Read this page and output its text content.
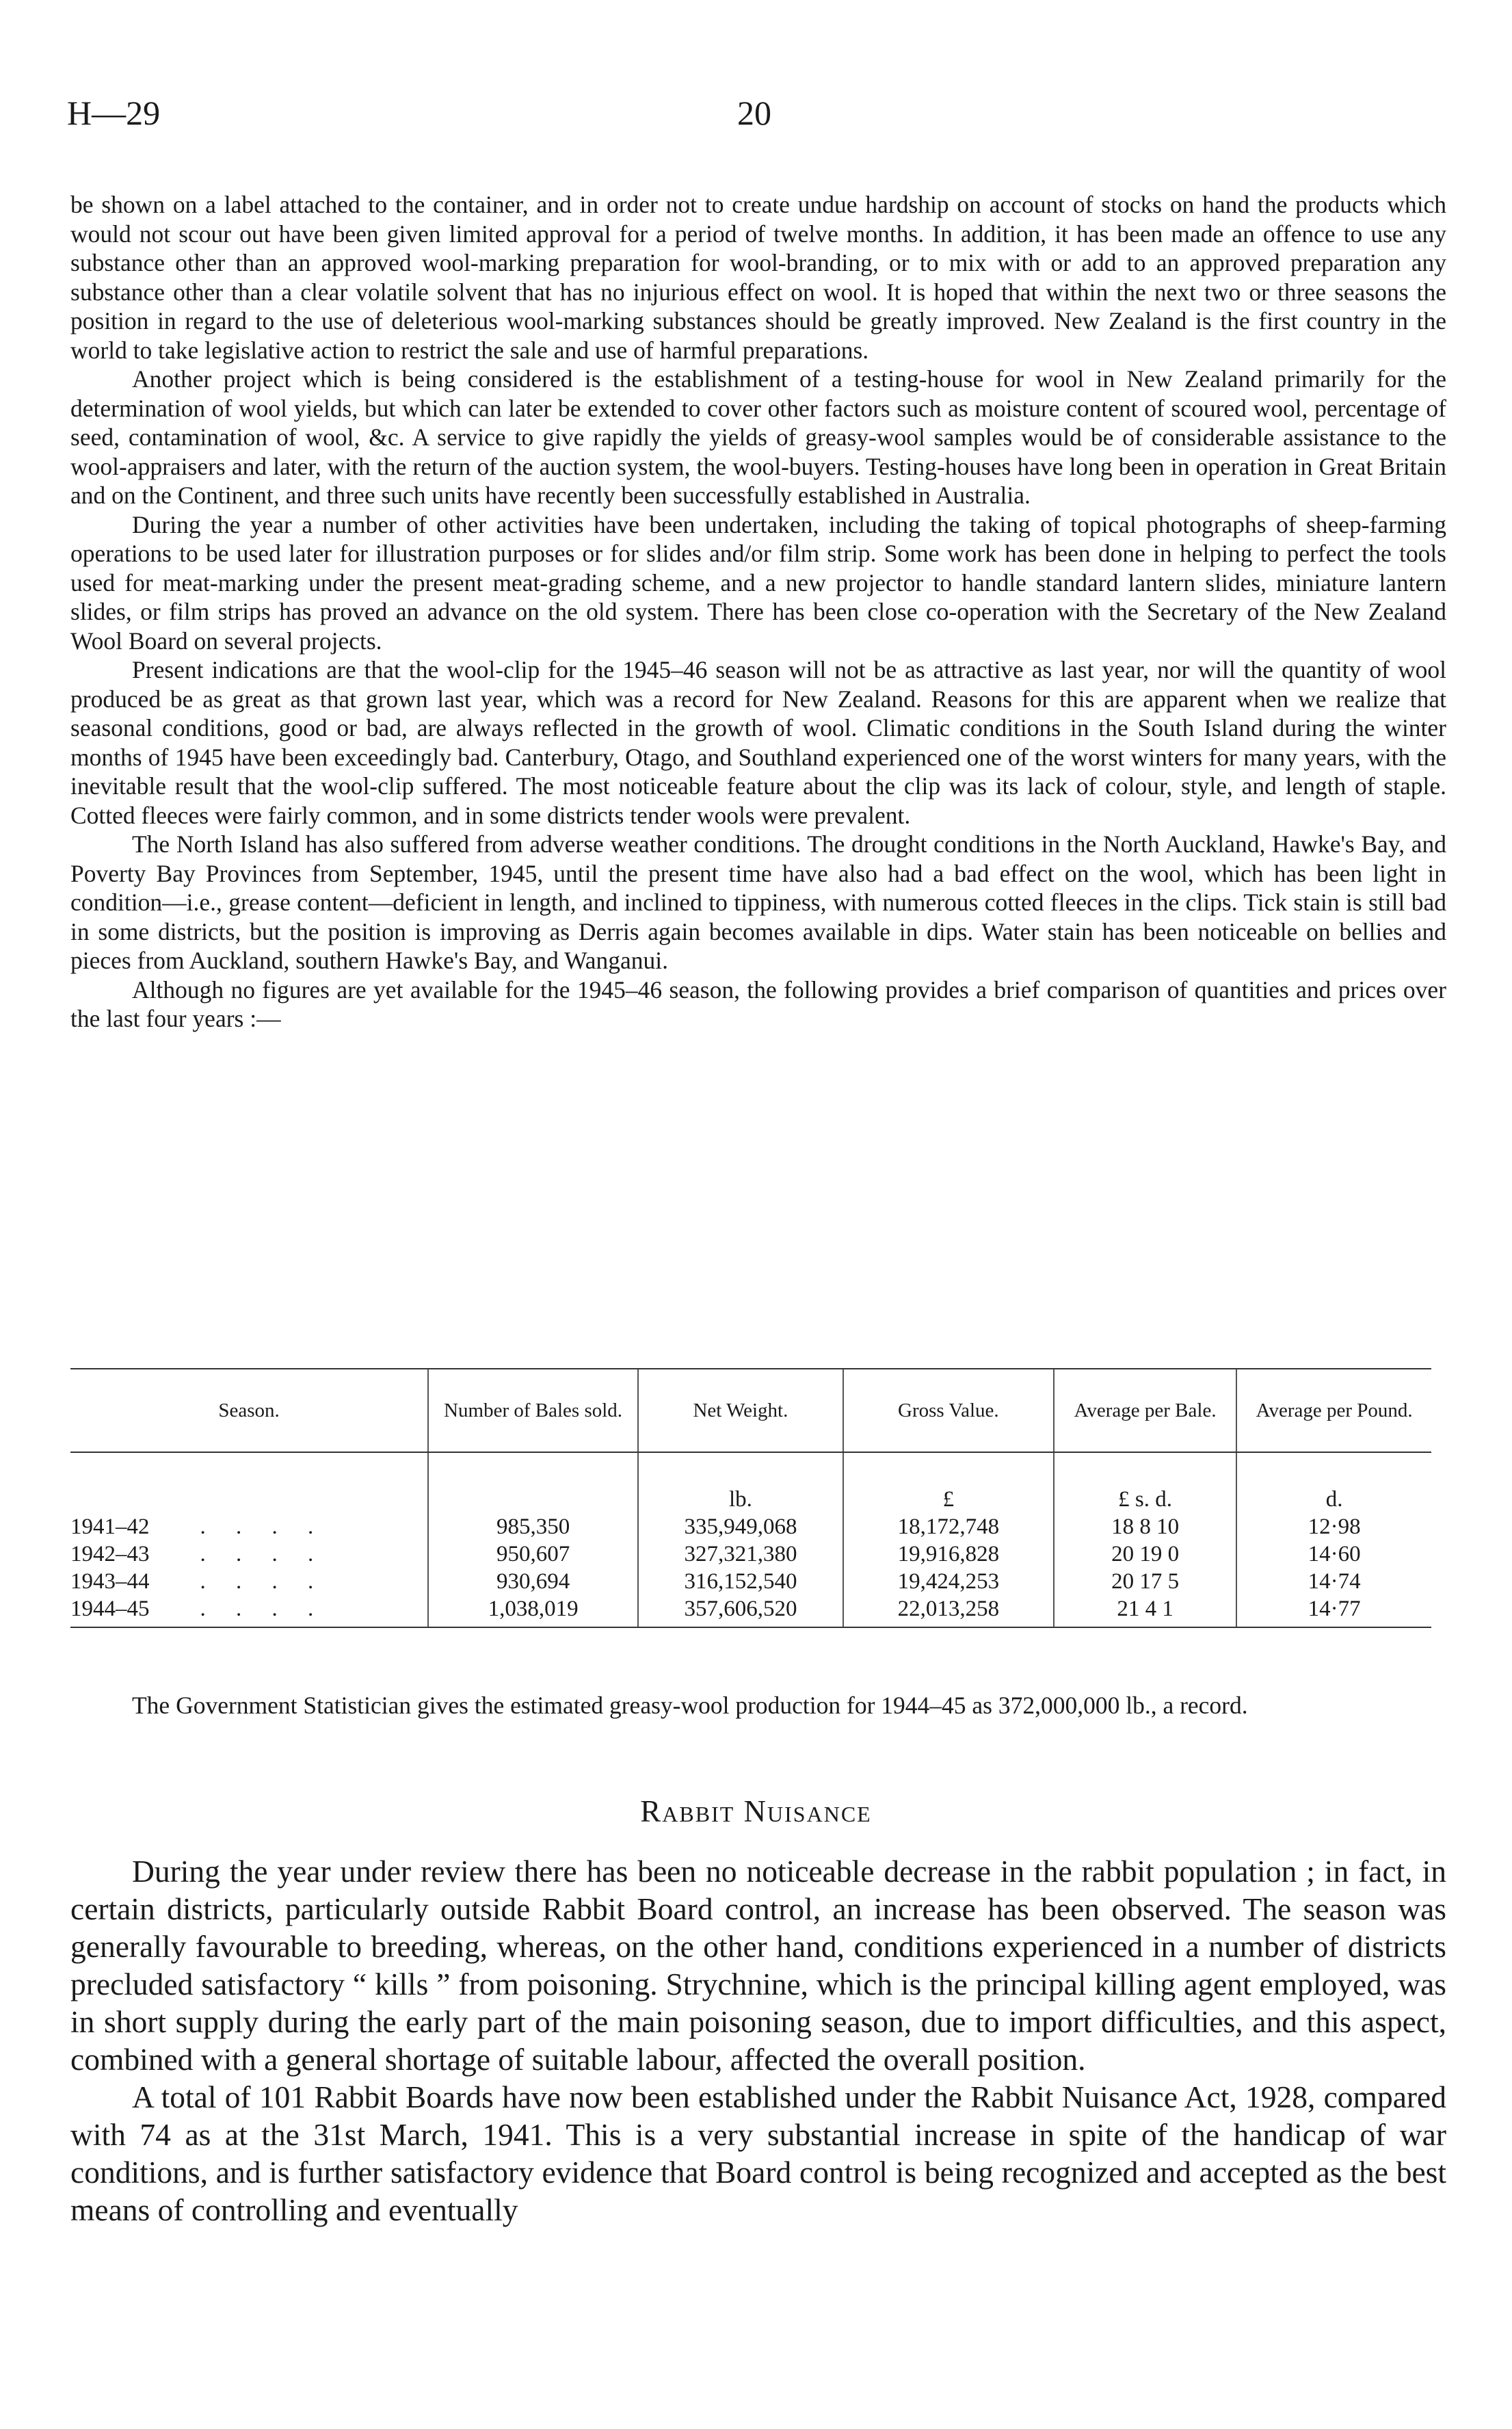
H—29	20

be shown on a label attached to the container, and in order not to create undue hardship on account of stocks on hand the products which would not scour out have been given limited approval for a period of twelve months. In addition, it has been made an offence to use any substance other than an approved wool-marking preparation for wool-branding, or to mix with or add to an approved preparation any substance other than a clear volatile solvent that has no injurious effect on wool. It is hoped that within the next two or three seasons the position in regard to the use of deleterious wool-marking substances should be greatly improved. New Zealand is the first country in the world to take legislative action to restrict the sale and use of harmful preparations.

Another project which is being considered is the establishment of a testing-house for wool in New Zealand primarily for the determination of wool yields, but which can later be extended to cover other factors such as moisture content of scoured wool, percentage of seed, contamination of wool, &c. A service to give rapidly the yields of greasy-wool samples would be of considerable assistance to the wool-appraisers and later, with the return of the auction system, the wool-buyers. Testing-houses have long been in operation in Great Britain and on the Continent, and three such units have recently been successfully established in Australia.

During the year a number of other activities have been undertaken, including the taking of topical photographs of sheep-farming operations to be used later for illustration purposes or for slides and/or film strip. Some work has been done in helping to perfect the tools used for meat-marking under the present meat-grading scheme, and a new projector to handle standard lantern slides, miniature lantern slides, or film strips has proved an advance on the old system. There has been close co-operation with the Secretary of the New Zealand Wool Board on several projects.

Present indications are that the wool-clip for the 1945–46 season will not be as attractive as last year, nor will the quantity of wool produced be as great as that grown last year, which was a record for New Zealand. Reasons for this are apparent when we realize that seasonal conditions, good or bad, are always reflected in the growth of wool. Climatic conditions in the South Island during the winter months of 1945 have been exceedingly bad. Canterbury, Otago, and Southland experienced one of the worst winters for many years, with the inevitable result that the wool-clip suffered. The most noticeable feature about the clip was its lack of colour, style, and length of staple. Cotted fleeces were fairly common, and in some districts tender wools were prevalent.

The North Island has also suffered from adverse weather conditions. The drought conditions in the North Auckland, Hawke's Bay, and Poverty Bay Provinces from September, 1945, until the present time have also had a bad effect on the wool, which has been light in condition—i.e., grease content—deficient in length, and inclined to tippiness, with numerous cotted fleeces in the clips. Tick stain is still bad in some districts, but the position is improving as Derris again becomes available in dips. Water stain has been noticeable on bellies and pieces from Auckland, southern Hawke's Bay, and Wanganui.

Although no figures are yet available for the 1945–46 season, the following provides a brief comparison of quantities and prices over the last four years :—

Season.	Number of Bales sold.	Net Weight.	Gross Value.	Average per Bale.	Average per Pound.
		lb.	£	£ s. d.	d.
1941–42 . . . .	985,350	335,949,068	18,172,748	18 8 10	12·98
1942–43 . . . .	950,607	327,321,380	19,916,828	20 19 0	14·60
1943–44 . . . .	930,694	316,152,540	19,424,253	20 17 5	14·74
1944–45 . . . .	1,038,019	357,606,520	22,013,258	21 4 1	14·77

The Government Statistician gives the estimated greasy-wool production for 1944–45 as 372,000,000 lb., a record.

Rabbit Nuisance

During the year under review there has been no noticeable decrease in the rabbit population ; in fact, in certain districts, particularly outside Rabbit Board control, an increase has been observed. The season was generally favourable to breeding, whereas, on the other hand, conditions experienced in a number of districts precluded satisfactory “ kills ” from poisoning. Strychnine, which is the principal killing agent employed, was in short supply during the early part of the main poisoning season, due to import difficulties, and this aspect, combined with a general shortage of suitable labour, affected the overall position.

A total of 101 Rabbit Boards have now been established under the Rabbit Nuisance Act, 1928, compared with 74 as at the 31st March, 1941. This is a very substantial increase in spite of the handicap of war conditions, and is further satisfactory evidence that Board control is being recognized and accepted as the best means of controlling and eventually
